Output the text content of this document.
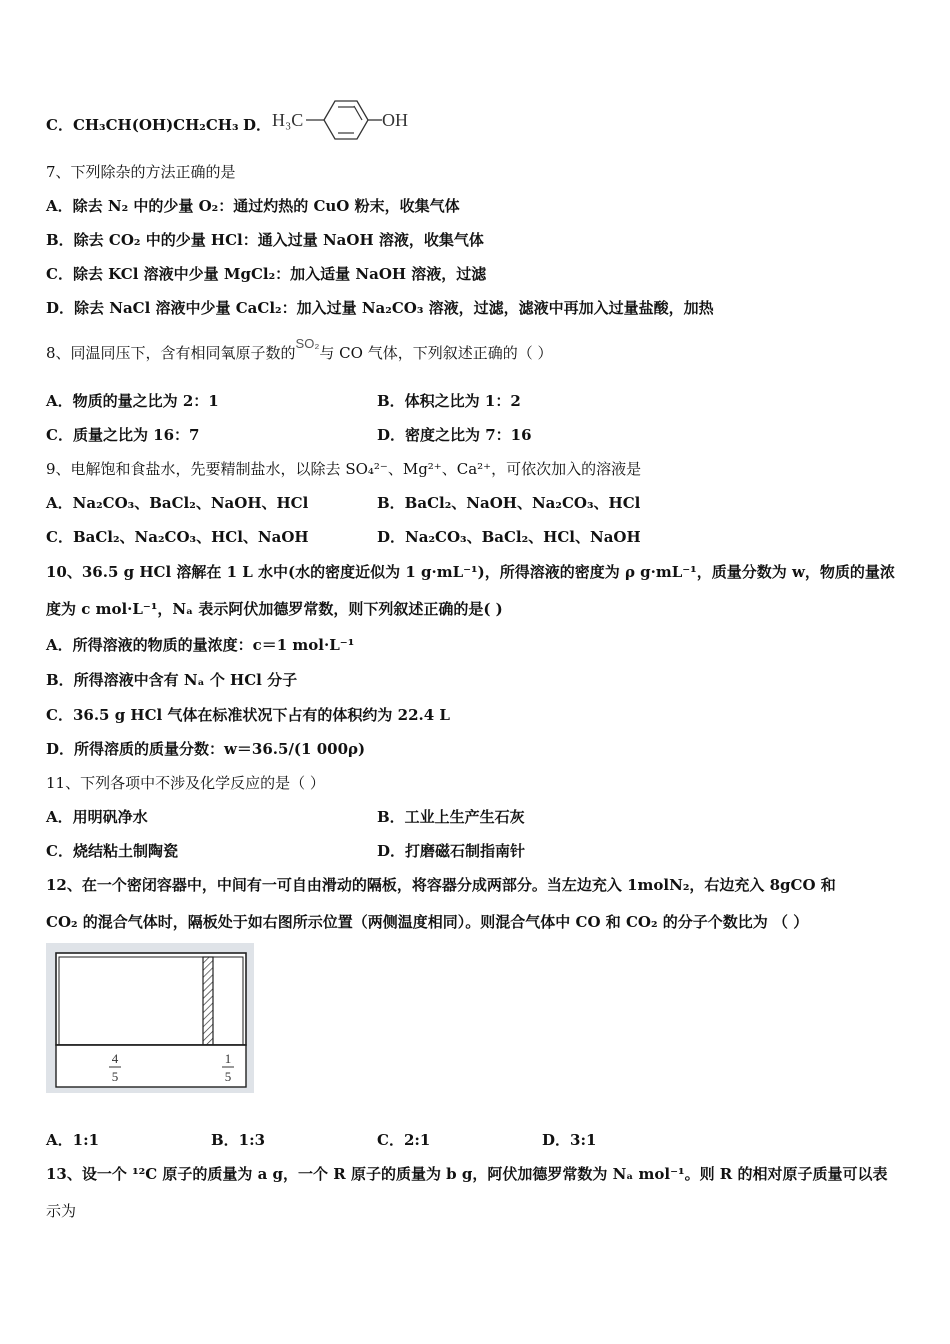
C．CH₃CH(OH)CH₂CH₃ D． H₃C	OH
7、下列除杂的方法正确的是
A．除去 N₂ 中的少量 O₂：通过灼热的 CuO 粉末，收集气体
B．除去 CO₂ 中的少量 HCl：通入过量 NaOH 溶液，收集气体
C．除去 KCl 溶液中少量 MgCl₂：加入适量 NaOH 溶液，过滤
D．除去 NaCl 溶液中少量 CaCl₂：加入过量 Na₂CO₃ 溶液，过滤，滤液中再加入过量盐酸，加热
8、同温同压下，含有相同氧原子数的SO₂与 CO 气体，下列叙述正确的（ ）
A．物质的量之比为 2：1	B．体积之比为 1：2
C．质量之比为 16：7	D．密度之比为 7：16
9、电解饱和食盐水，先要精制盐水，以除去 SO₄²⁻、Mg²⁺、Ca²⁺，可依次加入的溶液是
A．Na₂CO₃、BaCl₂、NaOH、HCl	B．BaCl₂、NaOH、Na₂CO₃、HCl
C．BaCl₂、Na₂CO₃、HCl、NaOH	D．Na₂CO₃、BaCl₂、HCl、NaOH
10、36.5 g HCl 溶解在 1 L 水中(水的密度近似为 1 g·mL⁻¹)，所得溶液的密度为 ρ g·mL⁻¹，质量分数为 w，物质的量浓
度为 c mol·L⁻¹，Nₐ 表示阿伏加德罗常数，则下列叙述正确的是( )
A．所得溶液的物质的量浓度：c＝1 mol·L⁻¹
B．所得溶液中含有 Nₐ 个 HCl 分子
C．36.5 g HCl 气体在标准状况下占有的体积约为 22.4 L
D．所得溶质的质量分数：w＝36.5/(1 000ρ)
11、下列各项中不涉及化学反应的是（ ）
A．用明矾净水	B．工业上生产生石灰
C．烧结粘土制陶瓷	D．打磨磁石制指南针
12、在一个密闭容器中，中间有一可自由滑动的隔板，将容器分成两部分。当左边充入 1molN₂，右边充入 8gCO 和
CO₂ 的混合气体时，隔板处于如右图所示位置（两侧温度相同）。则混合气体中 CO 和 CO₂ 的分子个数比为 （ ）
4
5
1
5
A．1:1	B．1:3	C．2:1	D．3:1
13、设一个 ¹²C 原子的质量为 a g，一个 R 原子的质量为 b g，阿伏加德罗常数为 Nₐ mol⁻¹。则 R 的相对原子质量可以表
示为
